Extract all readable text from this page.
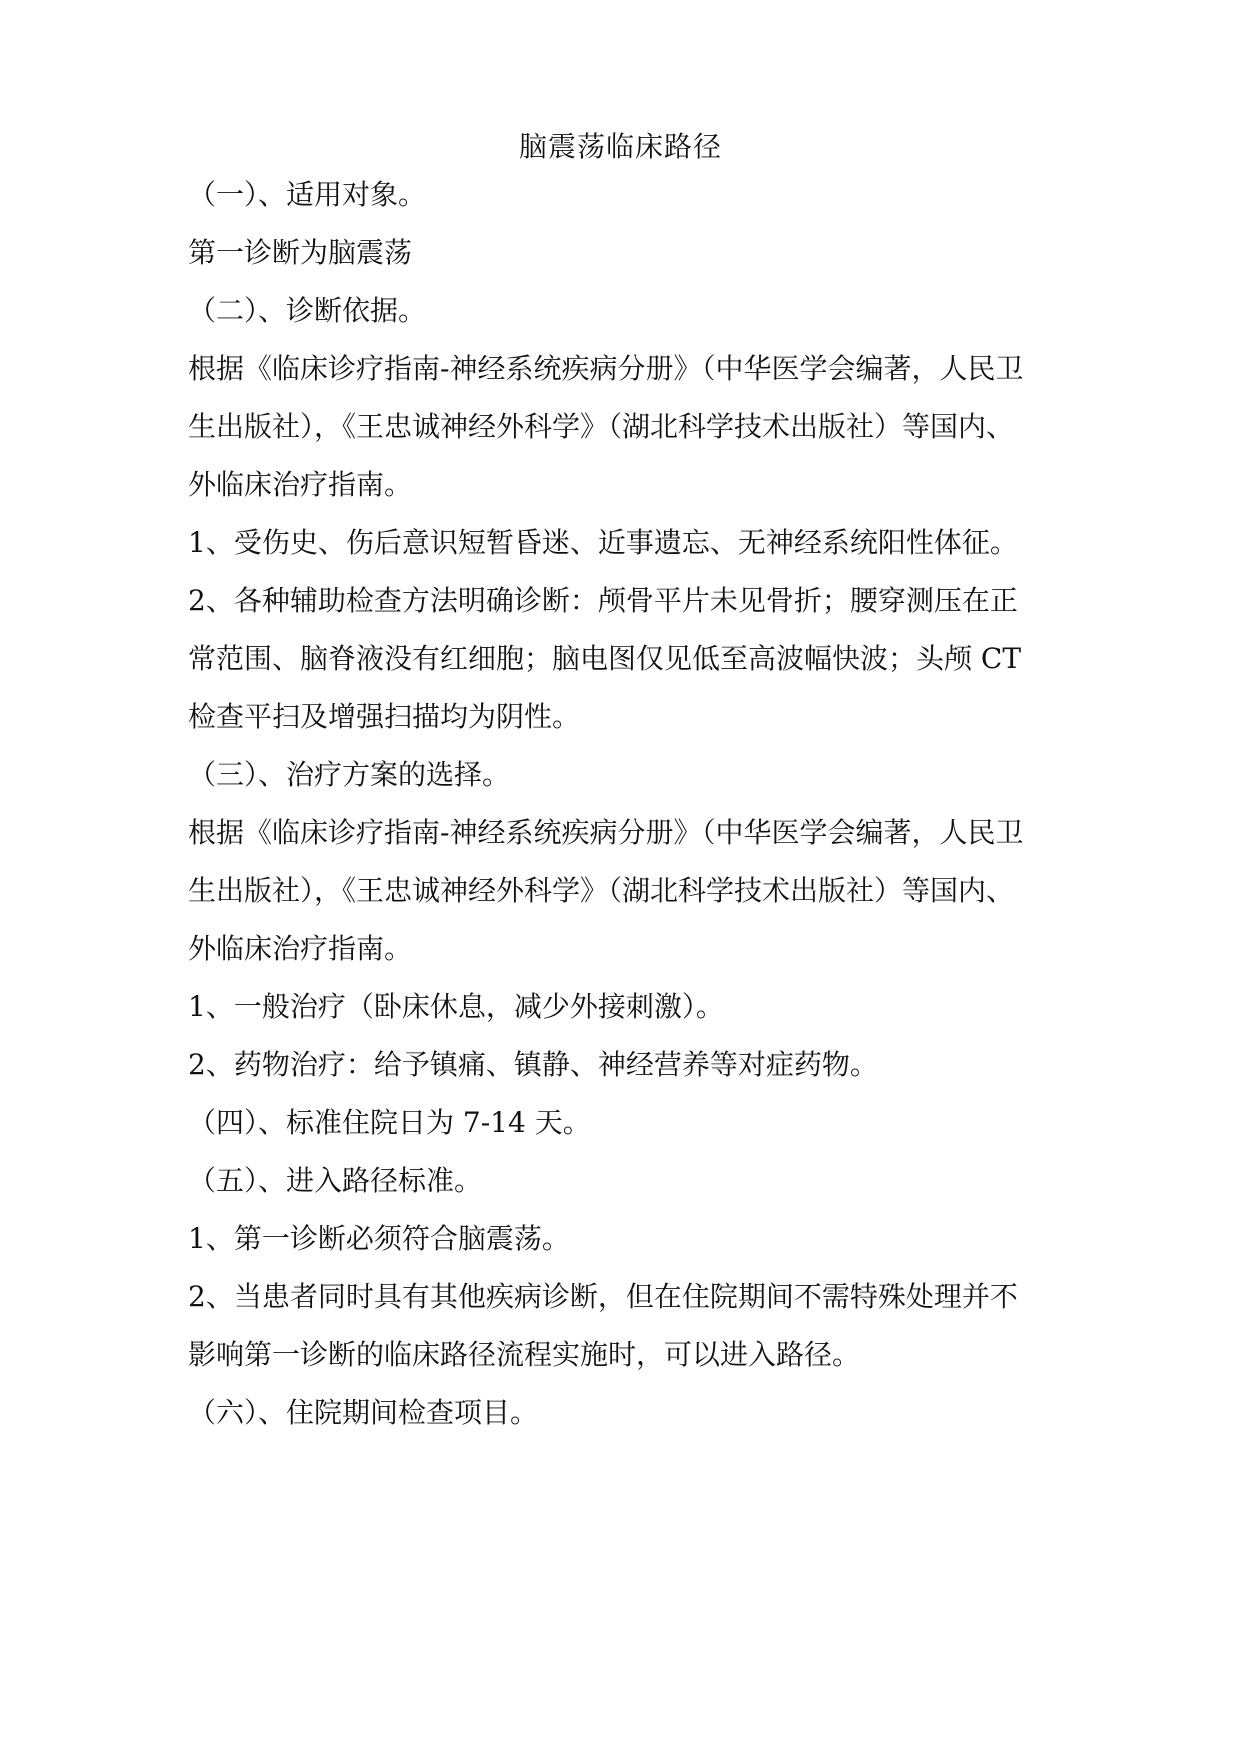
脑震荡临床路径
（一）、适用对象。
第一诊断为脑震荡
（二）、诊断依据。
根据《临床诊疗指南-神经系统疾病分册》（中华医学会编著，人民卫
生出版社），《王忠诚神经外科学》（湖北科学技术出版社）等国内、
外临床治疗指南。
1、受伤史、伤后意识短暂昏迷、近事遗忘、无神经系统阳性体征。
2、各种辅助检查方法明确诊断：颅骨平片未见骨折；腰穿测压在正
常范围、脑脊液没有红细胞；脑电图仅见低至高波幅快波；头颅 CT
检查平扫及增强扫描均为阴性。
（三）、治疗方案的选择。
根据《临床诊疗指南-神经系统疾病分册》（中华医学会编著，人民卫
生出版社），《王忠诚神经外科学》（湖北科学技术出版社）等国内、
外临床治疗指南。
1、一般治疗（卧床休息，减少外接刺激）。
2、药物治疗：给予镇痛、镇静、神经营养等对症药物。
（四）、标准住院日为 7-14 天。
（五）、进入路径标准。
1、第一诊断必须符合脑震荡。
2、当患者同时具有其他疾病诊断，但在住院期间不需特殊处理并不
影响第一诊断的临床路径流程实施时，可以进入路径。
（六）、住院期间检查项目。
